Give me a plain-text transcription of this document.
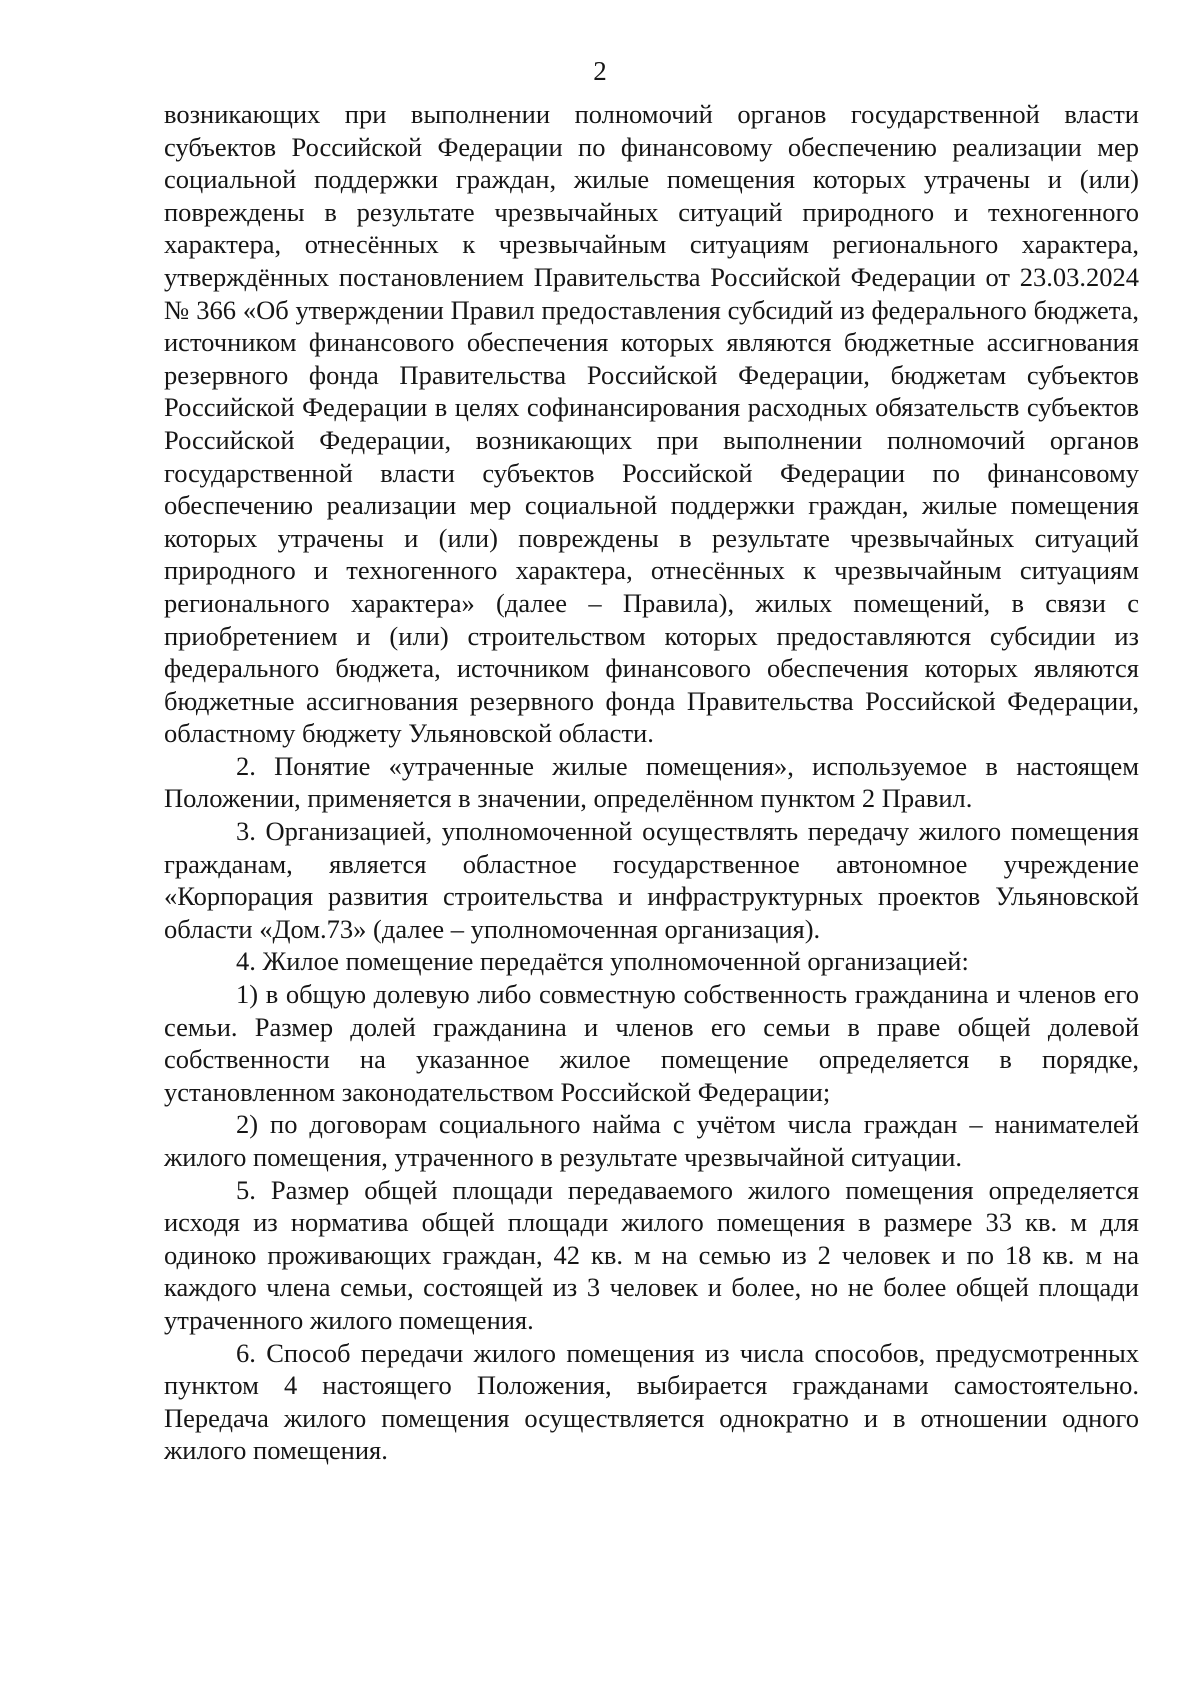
2

возникающих при выполнении полномочий органов государственной власти субъектов Российской Федерации по финансовому обеспечению реализации мер социальной поддержки граждан, жилые помещения которых утрачены и (или) повреждены в результате чрезвычайных ситуаций природного и техногенного характера, отнесённых к чрезвычайным ситуациям регионального характера, утверждённых постановлением Правительства Российской Федерации от 23.03.2024 № 366 «Об утверждении Правил предоставления субсидий из федерального бюджета, источником финансового обеспечения которых являются бюджетные ассигнования резервного фонда Правительства Российской Федерации, бюджетам субъектов Российской Федерации в целях софинансирования расходных обязательств субъектов Российской Федерации, возникающих при выполнении полномочий органов государственной власти субъектов Российской Федерации по финансовому обеспечению реализации мер социальной поддержки граждан, жилые помещения которых утрачены и (или) повреждены в результате чрезвычайных ситуаций природного и техногенного характера, отнесённых к чрезвычайным ситуациям регионального характера» (далее – Правила), жилых помещений, в связи с приобретением и (или) строительством которых предоставляются субсидии из федерального бюджета, источником финансового обеспечения которых являются бюджетные ассигнования резервного фонда Правительства Российской Федерации, областному бюджету Ульяновской области.

2. Понятие «утраченные жилые помещения», используемое в настоящем Положении, применяется в значении, определённом пунктом 2 Правил.

3. Организацией, уполномоченной осуществлять передачу жилого помещения гражданам, является областное государственное автономное учреждение «Корпорация развития строительства и инфраструктурных проектов Ульяновской области «Дом.73» (далее – уполномоченная организация).

4. Жилое помещение передаётся уполномоченной организацией:

1) в общую долевую либо совместную собственность гражданина и членов его семьи. Размер долей гражданина и членов его семьи в праве общей долевой собственности на указанное жилое помещение определяется в порядке, установленном законодательством Российской Федерации;

2) по договорам социального найма с учётом числа граждан – нанимателей жилого помещения, утраченного в результате чрезвычайной ситуации.

5. Размер общей площади передаваемого жилого помещения определяется исходя из норматива общей площади жилого помещения в размере 33 кв. м для одиноко проживающих граждан, 42 кв. м на семью из 2 человек и по 18 кв. м на каждого члена семьи, состоящей из 3 человек и более, но не более общей площади утраченного жилого помещения.

6. Способ передачи жилого помещения из числа способов, предусмотренных пунктом 4 настоящего Положения, выбирается гражданами самостоятельно. Передача жилого помещения осуществляется однократно и в отношении одного жилого помещения.
